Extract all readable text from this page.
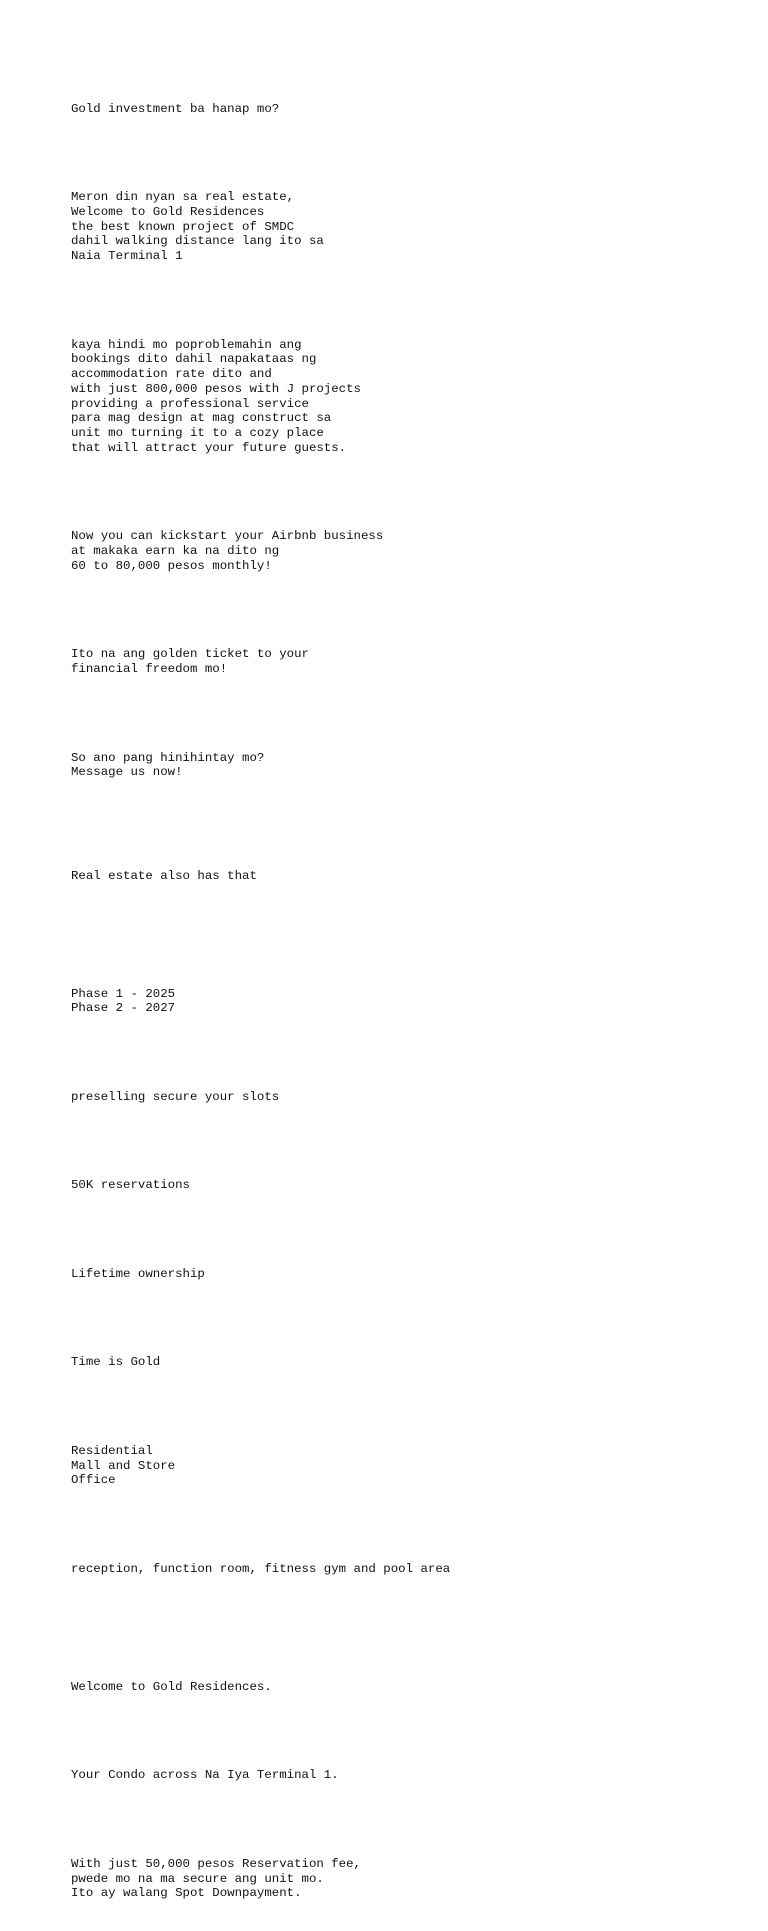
Gold investment ba hanap mo?

Meron din nyan sa real estate,
Welcome to Gold Residences
the best known project of SMDC
dahil walking distance lang ito sa
Naia Terminal 1

kaya hindi mo poproblemahin ang
bookings dito dahil napakataas ng
accommodation rate dito and
with just 800,000 pesos with J projects
providing a professional service
para mag design at mag construct sa
unit mo turning it to a cozy place
that will attract your future guests.

Now you can kickstart your Airbnb business
at makaka earn ka na dito ng
60 to 80,000 pesos monthly!

Ito na ang golden ticket to your
financial freedom mo!

So ano pang hinihintay mo?
Message us now!

Real estate also has that

Phase 1 - 2025
Phase 2 - 2027

preselling secure your slots

50K reservations

Lifetime ownership

Time is Gold

Residential
Mall and Store
Office

reception, function room, fitness gym and pool area

Welcome to Gold Residences.

Your Condo across Na Iya Terminal 1.

With just 50,000 pesos Reservation fee,
pwede mo na ma secure ang unit mo.
Ito ay walang Spot Downpayment.
